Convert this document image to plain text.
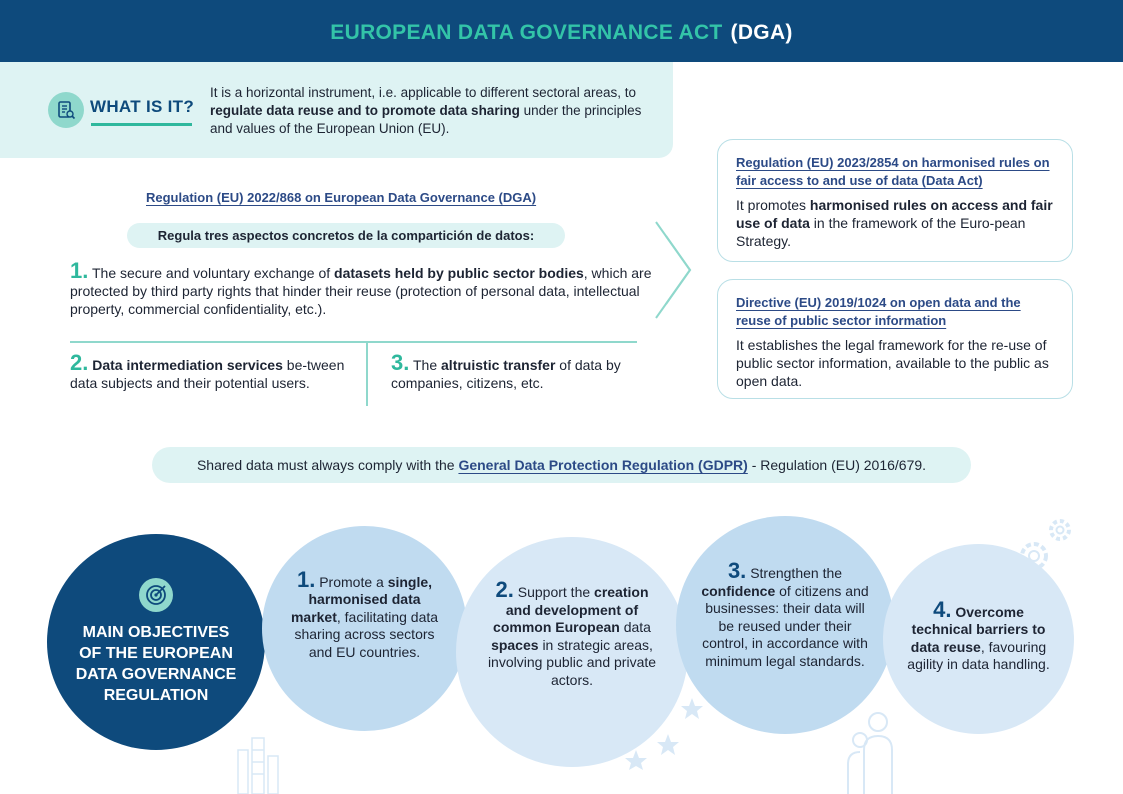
EUROPEAN DATA GOVERNANCE ACT (DGA)
WHAT IS IT?
It is a horizontal instrument, i.e. applicable to different sectoral areas, to regulate data reuse and to promote data sharing under the principles and values of the European Union (EU).
Regulation (EU) 2022/868 on European Data Governance (DGA)
Regula tres aspectos concretos de la compartición de datos:
1. The secure and voluntary exchange of datasets held by public sector bodies, which are protected by third party rights that hinder their reuse (protection of personal data, intellectual property, commercial confidentiality, etc.).
2. Data intermediation services be-tween data subjects and their potential users.
3. The altruistic transfer of data by companies, citizens, etc.
Regulation (EU) 2023/2854 on harmonised rules on fair access to and use of data (Data Act)
It promotes harmonised rules on access and fair use of data in the framework of the Euro-pean Strategy.
Directive (EU) 2019/1024 on open data and the reuse of public sector information
It establishes the legal framework for the re-use of public sector information, available to the public as open data.
Shared data must always comply with the General Data Protection Regulation (GDPR) - Regulation (EU) 2016/679.
MAIN OBJECTIVES OF THE EUROPEAN DATA GOVERNANCE REGULATION
1. Promote a single, harmonised data market, facilitating data sharing across sectors and EU countries.
2. Support the creation and development of common European data spaces in strategic areas, involving public and private actors.
3. Strengthen the confidence of citizens and businesses: their data will be reused under their control, in accordance with minimum legal standards.
4. Overcome technical barriers to data reuse, favouring agility in data handling.
